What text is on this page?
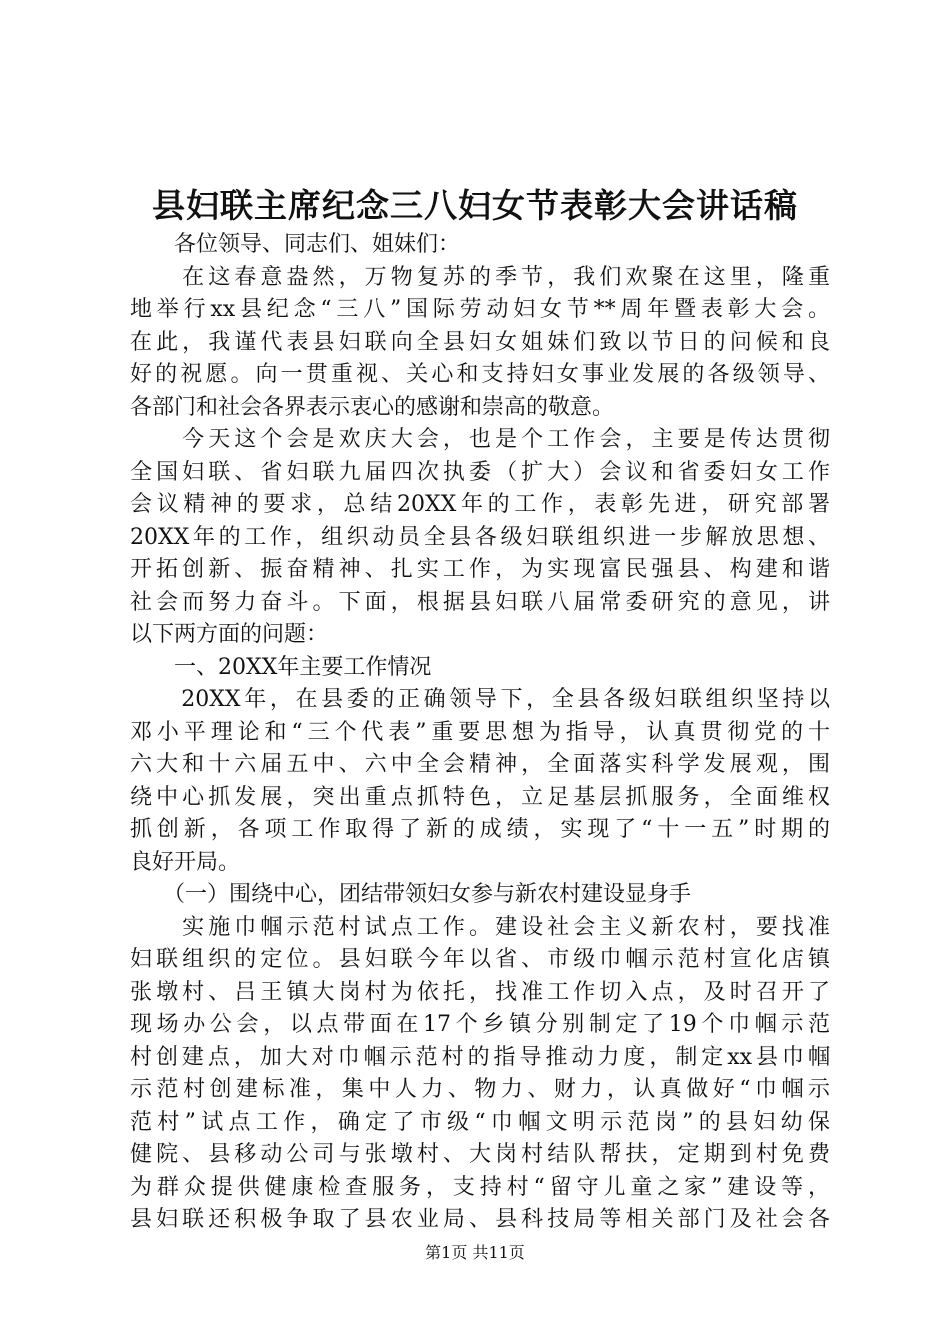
县妇联主席纪念三八妇女节表彰大会讲话稿
　　各位领导、同志们、姐妹们：
　　在这春意盎然，万物复苏的季节，我们欢聚在这里，隆重
地举行xx县纪念“三八”国际劳动妇女节**周年暨表彰大会。
在此，我谨代表县妇联向全县妇女姐妹们致以节日的问候和良
好的祝愿。向一贯重视、关心和支持妇女事业发展的各级领导、
各部门和社会各界表示衷心的感谢和崇高的敬意。
　　今天这个会是欢庆大会，也是个工作会，主要是传达贯彻
全国妇联、省妇联九届四次执委（扩大）会议和省委妇女工作
会议精神的要求，总结20XX年的工作，表彰先进，研究部署
20XX年的工作，组织动员全县各级妇联组织进一步解放思想、
开拓创新、振奋精神、扎实工作，为实现富民强县、构建和谐
社会而努力奋斗。下面，根据县妇联八届常委研究的意见，讲
以下两方面的问题：
　　一、20XX年主要工作情况
　　20XX年，在县委的正确领导下，全县各级妇联组织坚持以
邓小平理论和“三个代表”重要思想为指导，认真贯彻党的十
六大和十六届五中、六中全会精神，全面落实科学发展观，围
绕中心抓发展，突出重点抓特色，立足基层抓服务，全面维权
抓创新，各项工作取得了新的成绩，实现了“十一五”时期的
良好开局。
　　（一）围绕中心，团结带领妇女参与新农村建设显身手
　　实施巾帼示范村试点工作。建设社会主义新农村，要找准
妇联组织的定位。县妇联今年以省、市级巾帼示范村宣化店镇
张墩村、吕王镇大岗村为依托，找准工作切入点，及时召开了
现场办公会，以点带面在17个乡镇分别制定了19个巾帼示范
村创建点，加大对巾帼示范村的指导推动力度，制定xx县巾帼
示范村创建标准，集中人力、物力、财力，认真做好“巾帼示
范村”试点工作，确定了市级“巾帼文明示范岗”的县妇幼保
健院、县移动公司与张墩村、大岗村结队帮扶，定期到村免费
为群众提供健康检查服务，支持村“留守儿童之家”建设等，
县妇联还积极争取了县农业局、县科技局等相关部门及社会各
第1页 共11页
